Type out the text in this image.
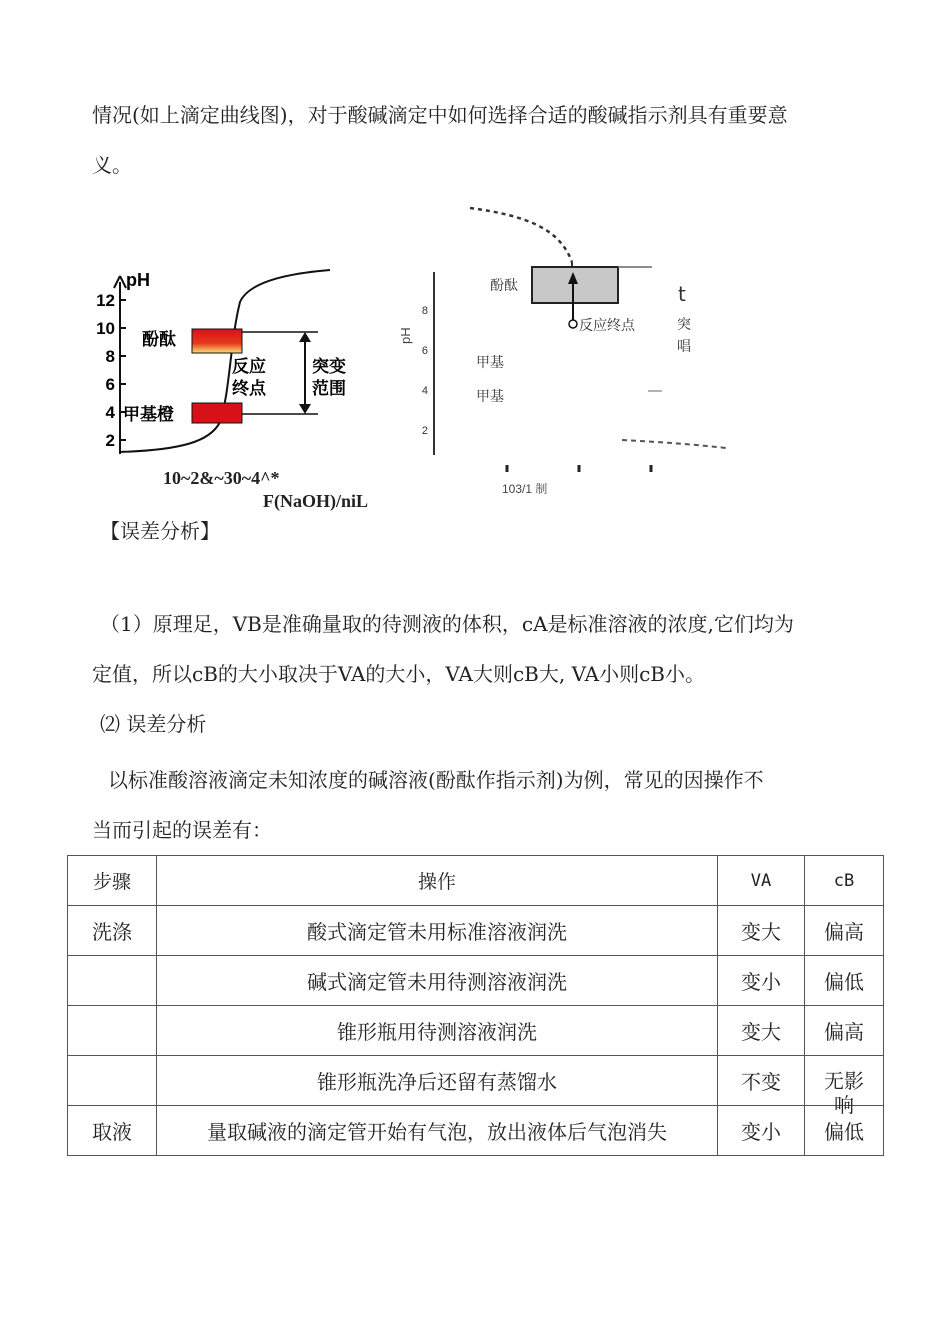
情况(如上滴定曲线图)，对于酸碱滴定中如何选择合适的酸碱指示剂具有重要意

义。

pH
12
10
8
6
4
2
酚酞
甲基橙
反应
终点
突变
范围
10~2&~30~4^*
F(NaOH)/niL
pH
8
6
4
2
酚酞
反应终点
甲基
甲基
t
突
唱
103/1 制

【误差分析】

（1）原理足，VB是准确量取的待测液的体积，cA是标准溶液的浓度,它们均为

定值，所以cB的大小取决于VA的大小，VA大则cB大, VA小则cB小。

⑵ 误差分析

以标准酸溶液滴定未知浓度的碱溶液(酚酞作指示剂)为例，常见的因操作不

当而引起的误差有：

步骤	操作	VA	cB
洗涤	酸式滴定管未用标准溶液润洗	变大	偏高
	碱式滴定管未用待测溶液润洗	变小	偏低
	锥形瓶用待测溶液润洗	变大	偏高
	锥形瓶洗净后还留有蒸馏水	不变	无影响
取液	量取碱液的滴定管开始有气泡，放出液体后气泡消失	变小	偏低
